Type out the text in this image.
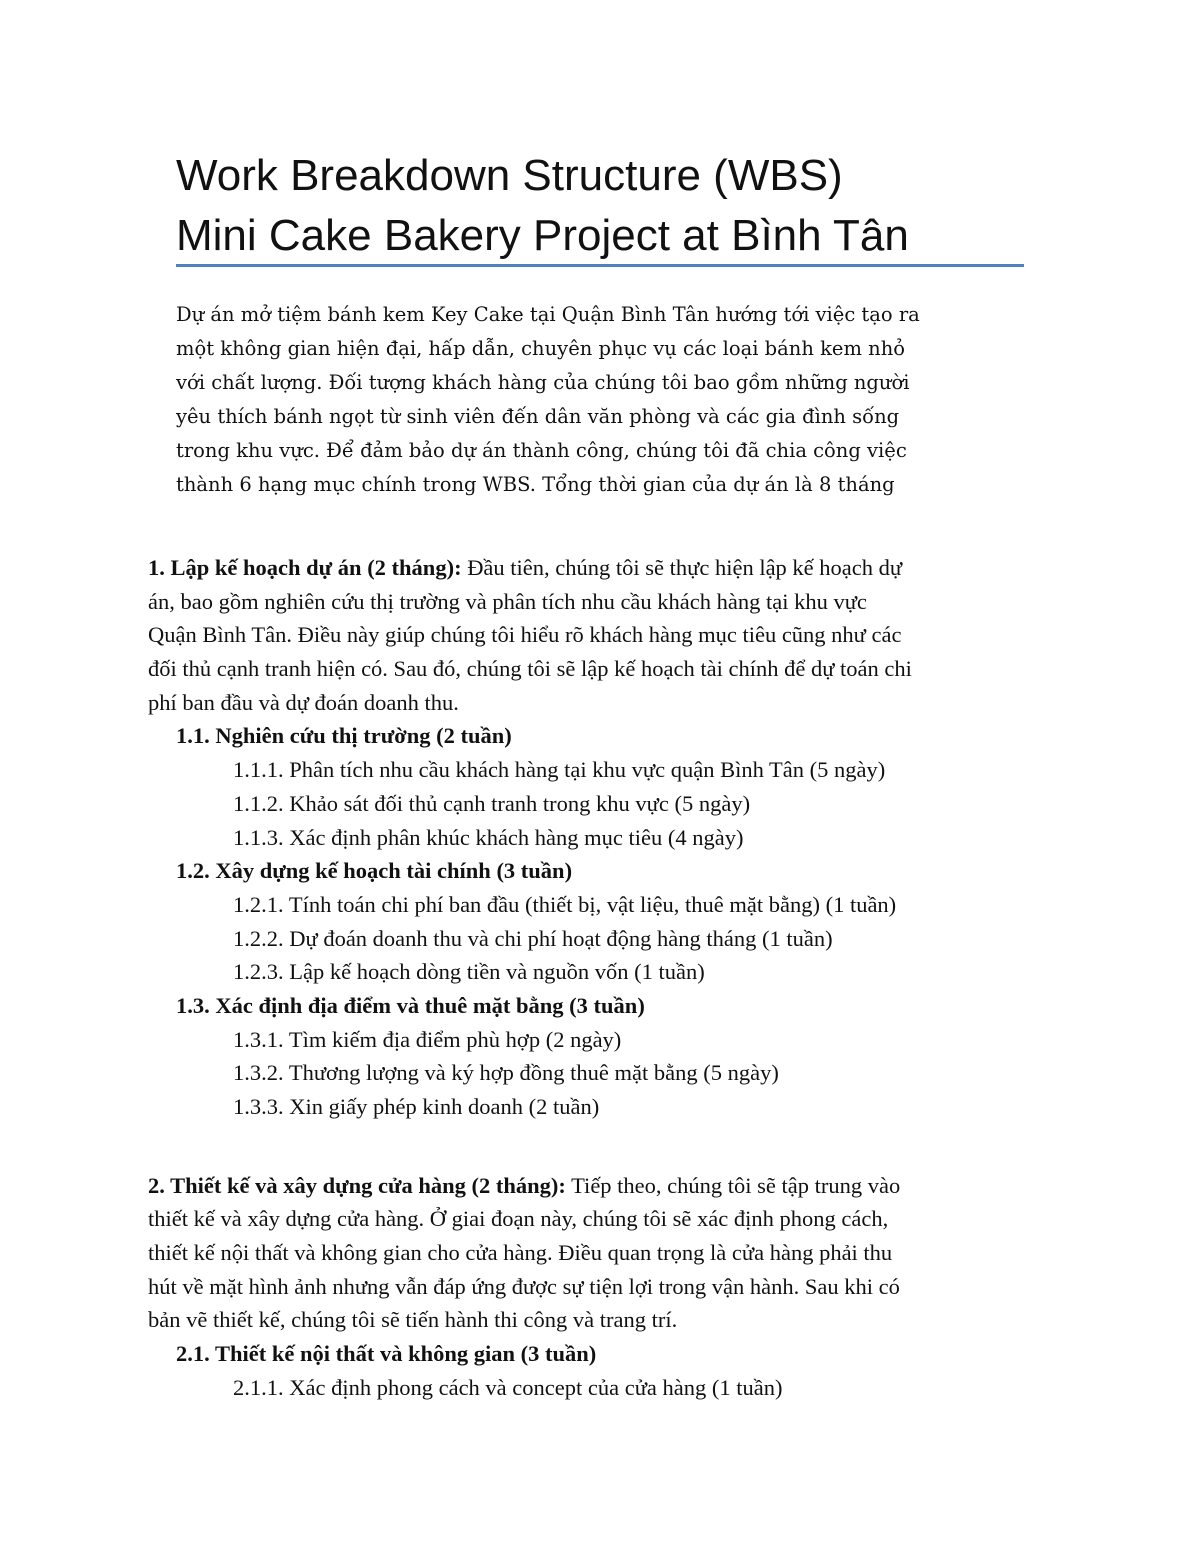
Work Breakdown Structure (WBS)
Mini Cake Bakery Project at Bình Tân
Dự án mở tiệm bánh kem Key Cake tại Quận Bình Tân hướng tới việc tạo ra
một không gian hiện đại, hấp dẫn, chuyên phục vụ các loại bánh kem nhỏ
với chất lượng. Đối tượng khách hàng của chúng tôi bao gồm những người
yêu thích bánh ngọt từ sinh viên đến dân văn phòng và các gia đình sống
trong khu vực. Để đảm bảo dự án thành công, chúng tôi đã chia công việc
thành 6 hạng mục chính trong WBS. Tổng thời gian của dự án là 8 tháng
1. Lập kế hoạch dự án (2 tháng): Đầu tiên, chúng tôi sẽ thực hiện lập kế hoạch dự
án, bao gồm nghiên cứu thị trường và phân tích nhu cầu khách hàng tại khu vực
Quận Bình Tân. Điều này giúp chúng tôi hiểu rõ khách hàng mục tiêu cũng như các
đối thủ cạnh tranh hiện có. Sau đó, chúng tôi sẽ lập kế hoạch tài chính để dự toán chi
phí ban đầu và dự đoán doanh thu.
1.1. Nghiên cứu thị trường (2 tuần)
1.1.1. Phân tích nhu cầu khách hàng tại khu vực quận Bình Tân (5 ngày)
1.1.2. Khảo sát đối thủ cạnh tranh trong khu vực (5 ngày)
1.1.3. Xác định phân khúc khách hàng mục tiêu (4 ngày)
1.2. Xây dựng kế hoạch tài chính (3 tuần)
1.2.1. Tính toán chi phí ban đầu (thiết bị, vật liệu, thuê mặt bằng) (1 tuần)
1.2.2. Dự đoán doanh thu và chi phí hoạt động hàng tháng (1 tuần)
1.2.3. Lập kế hoạch dòng tiền và nguồn vốn (1 tuần)
1.3. Xác định địa điểm và thuê mặt bằng (3 tuần)
1.3.1. Tìm kiếm địa điểm phù hợp (2 ngày)
1.3.2. Thương lượng và ký hợp đồng thuê mặt bằng (5 ngày)
1.3.3. Xin giấy phép kinh doanh (2 tuần)
2. Thiết kế và xây dựng cửa hàng (2 tháng): Tiếp theo, chúng tôi sẽ tập trung vào
thiết kế và xây dựng cửa hàng. Ở giai đoạn này, chúng tôi sẽ xác định phong cách,
thiết kế nội thất và không gian cho cửa hàng. Điều quan trọng là cửa hàng phải thu
hút về mặt hình ảnh nhưng vẫn đáp ứng được sự tiện lợi trong vận hành. Sau khi có
bản vẽ thiết kế, chúng tôi sẽ tiến hành thi công và trang trí.
2.1. Thiết kế nội thất và không gian (3 tuần)
2.1.1. Xác định phong cách và concept của cửa hàng (1 tuần)
